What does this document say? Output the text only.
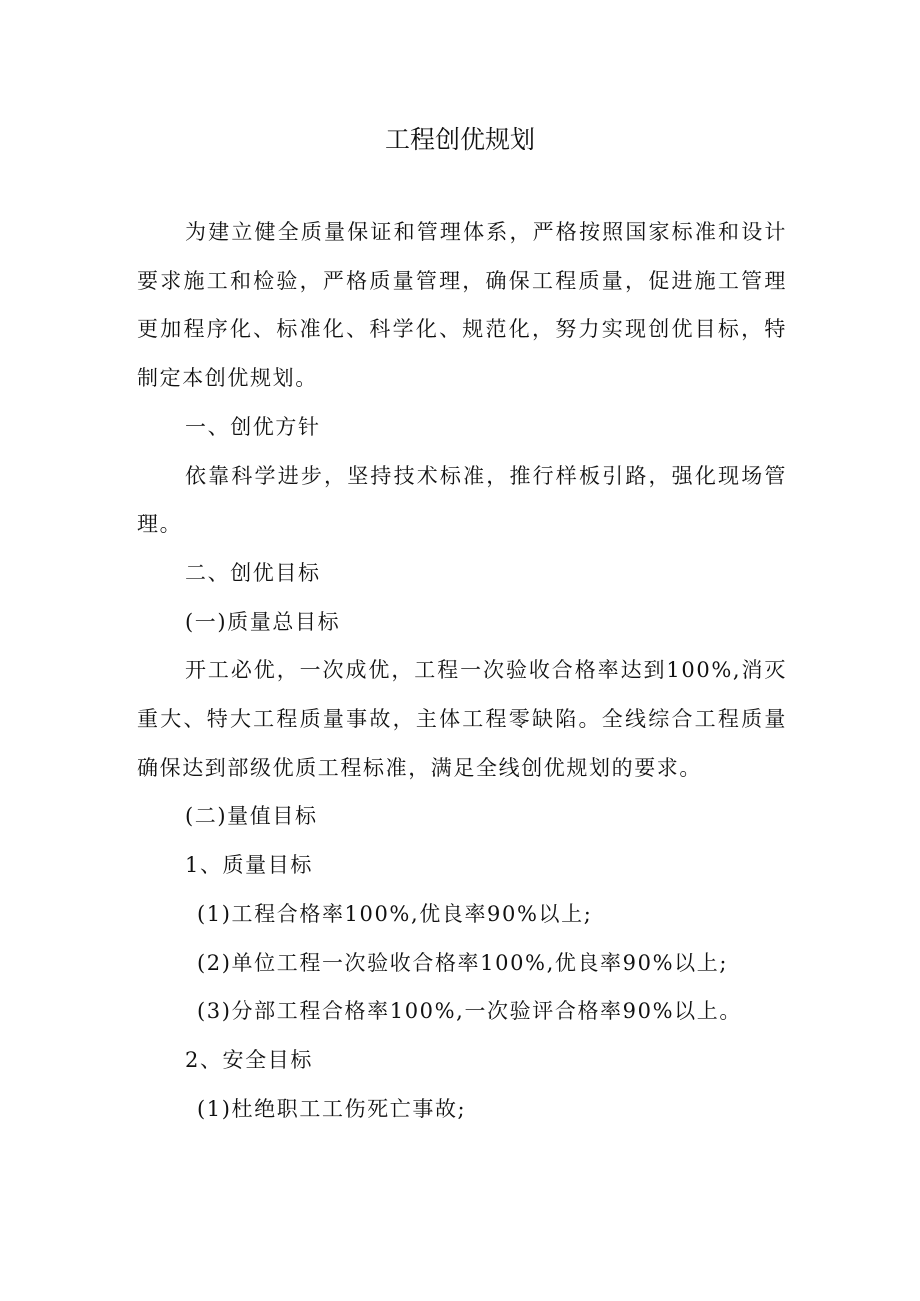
工程创优规划

为建立健全质量保证和管理体系，严格按照国家标准和设计要求施工和检验，严格质量管理，确保工程质量，促进施工管理更加程序化、标准化、科学化、规范化，努力实现创优目标，特制定本创优规划。

一、创优方针

依靠科学进步，坚持技术标准，推行样板引路，强化现场管理。

二、创优目标

(一)质量总目标

开工必优，一次成优，工程一次验收合格率达到100%,消灭重大、特大工程质量事故，主体工程零缺陷。全线综合工程质量确保达到部级优质工程标准，满足全线创优规划的要求。

(二)量值目标

1、质量目标

(1)工程合格率100%,优良率90%以上;

(2)单位工程一次验收合格率100%,优良率90%以上;

(3)分部工程合格率100%,一次验评合格率90%以上。

2、安全目标

(1)杜绝职工工伤死亡事故;
